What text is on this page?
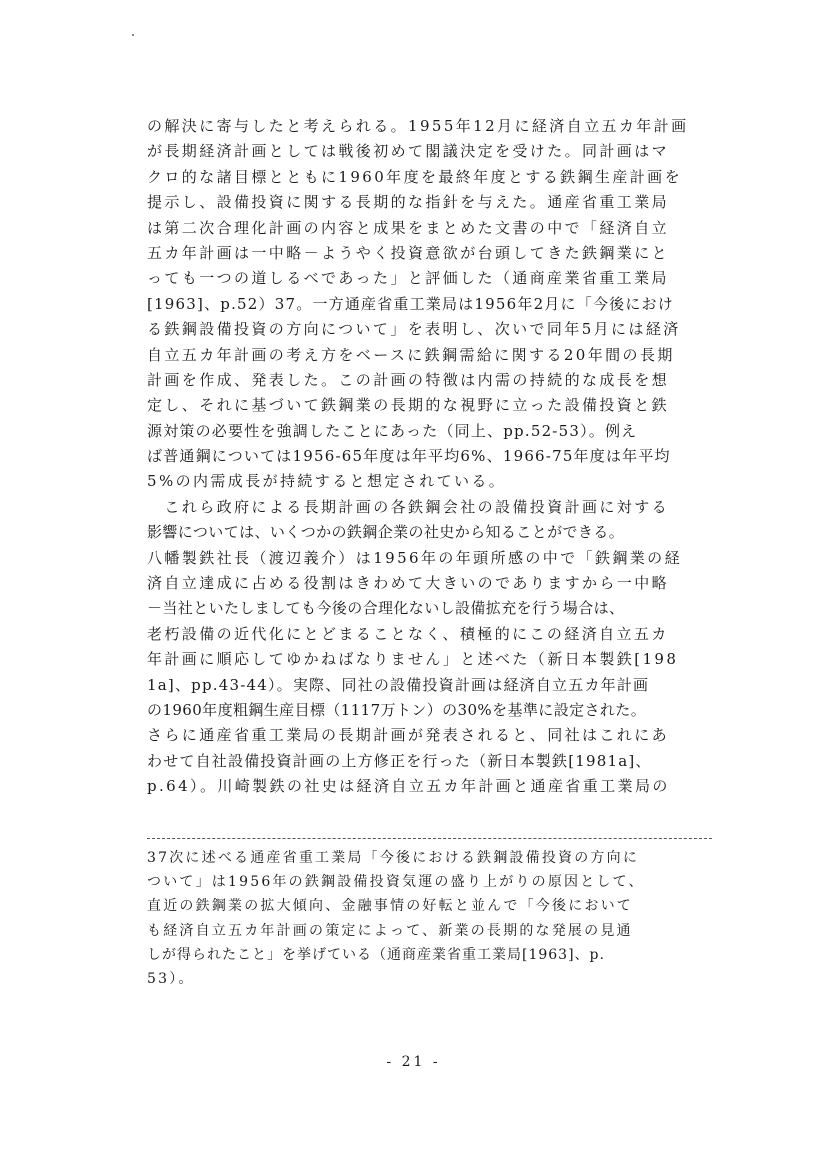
の解決に寄与したと考えられる。1955年12月に経済自立五カ年計画
が長期経済計画としては戦後初めて閣議決定を受けた。同計画はマ
クロ的な諸目標とともに1960年度を最終年度とする鉄鋼生産計画を
提示し、設備投資に関する長期的な指針を与えた。通産省重工業局
は第二次合理化計画の内容と成果をまとめた文書の中で「経済自立
五カ年計画は一中略－ようやく投資意欲が台頭してきた鉄鋼業にと
っても一つの道しるべであった」と評価した（通商産業省重工業局
[1963]、p.52）37。一方通産省重工業局は1956年2月に「今後におけ
る鉄鋼設備投資の方向について」を表明し、次いで同年5月には経済
自立五カ年計画の考え方をベースに鉄鋼需給に関する20年間の長期
計画を作成、発表した。この計画の特徴は内需の持続的な成長を想
定し、それに基づいて鉄鋼業の長期的な視野に立った設備投資と鉄
源対策の必要性を強調したことにあった（同上、pp.52-53）。例え
ば普通鋼については1956-65年度は年平均6%、1966-75年度は年平均
5%の内需成長が持続すると想定されている。
　これら政府による長期計画の各鉄鋼会社の設備投資計画に対する
影響については、いくつかの鉄鋼企業の社史から知ることができる。
八幡製鉄社長（渡辺義介）は1956年の年頭所感の中で「鉄鋼業の経
済自立達成に占める役割はきわめて大きいのでありますから一中略
－当社といたしましても今後の合理化ないし設備拡充を行う場合は、
老朽設備の近代化にとどまることなく、積極的にこの経済自立五カ
年計画に順応してゆかねばなりません」と述べた（新日本製鉄[198
1a]、pp.43-44）。実際、同社の設備投資計画は経済自立五カ年計画
の1960年度粗鋼生産目標（1117万トン）の30%を基準に設定された。
さらに通産省重工業局の長期計画が発表されると、同社はこれにあ
わせて自社設備投資計画の上方修正を行った（新日本製鉄[1981a]、
p.64）。川崎製鉄の社史は経済自立五カ年計画と通産省重工業局の
37次に述べる通産省重工業局「今後における鉄鋼設備投資の方向に
ついて」は1956年の鉄鋼設備投資気運の盛り上がりの原因として、
直近の鉄鋼業の拡大傾向、金融事情の好転と並んで「今後において
も経済自立五カ年計画の策定によって、新業の長期的な発展の見通
しが得られたこと」を挙げている（通商産業省重工業局[1963]、p.
53）。
- 21 -
